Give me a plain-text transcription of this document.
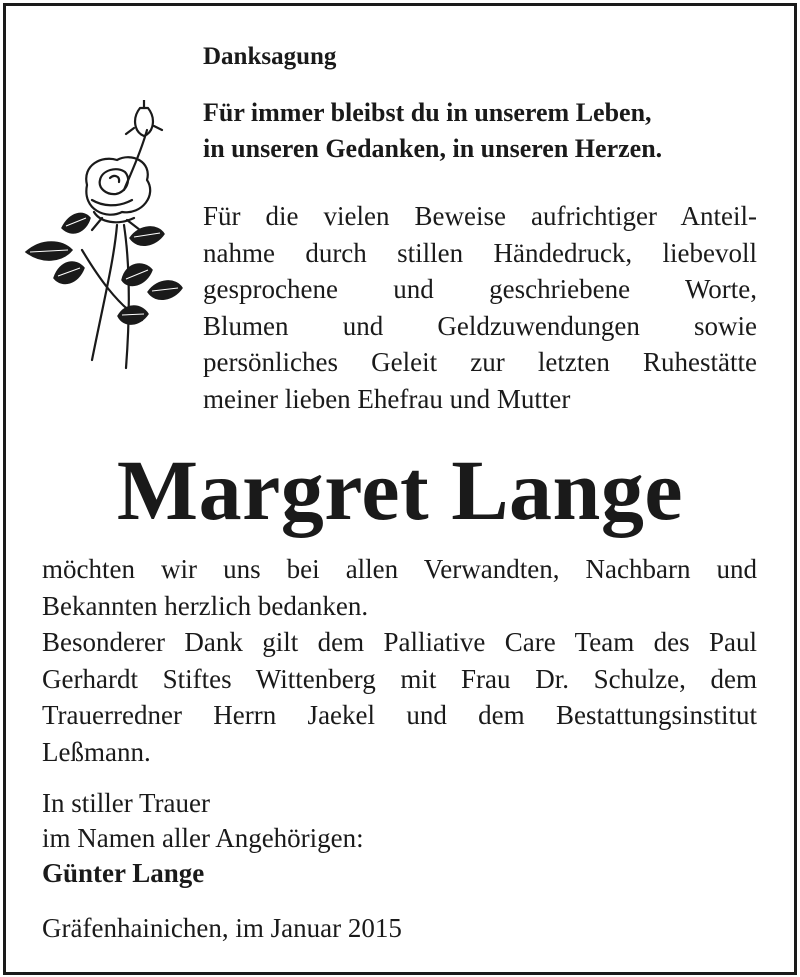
Danksagung
Für immer bleibst du in unserem Leben,
in unseren Gedanken, in unseren Herzen.
Für die vielen Beweise aufrichtiger Anteil-
nahme durch stillen Händedruck, liebevoll
gesprochene und geschriebene Worte,
Blumen und Geldzuwendungen sowie
persönliches Geleit zur letzten Ruhestätte
meiner lieben Ehefrau und Mutter
Margret Lange
möchten wir uns bei allen Verwandten, Nachbarn und
Bekannten herzlich bedanken.
Besonderer Dank gilt dem Palliative Care Team des Paul
Gerhardt Stiftes Wittenberg mit Frau Dr. Schulze, dem
Trauerredner Herrn Jaekel und dem Bestattungsinstitut
Leßmann.
In stiller Trauer
im Namen aller Angehörigen:
Günter Lange
Gräfenhainichen, im Januar 2015
